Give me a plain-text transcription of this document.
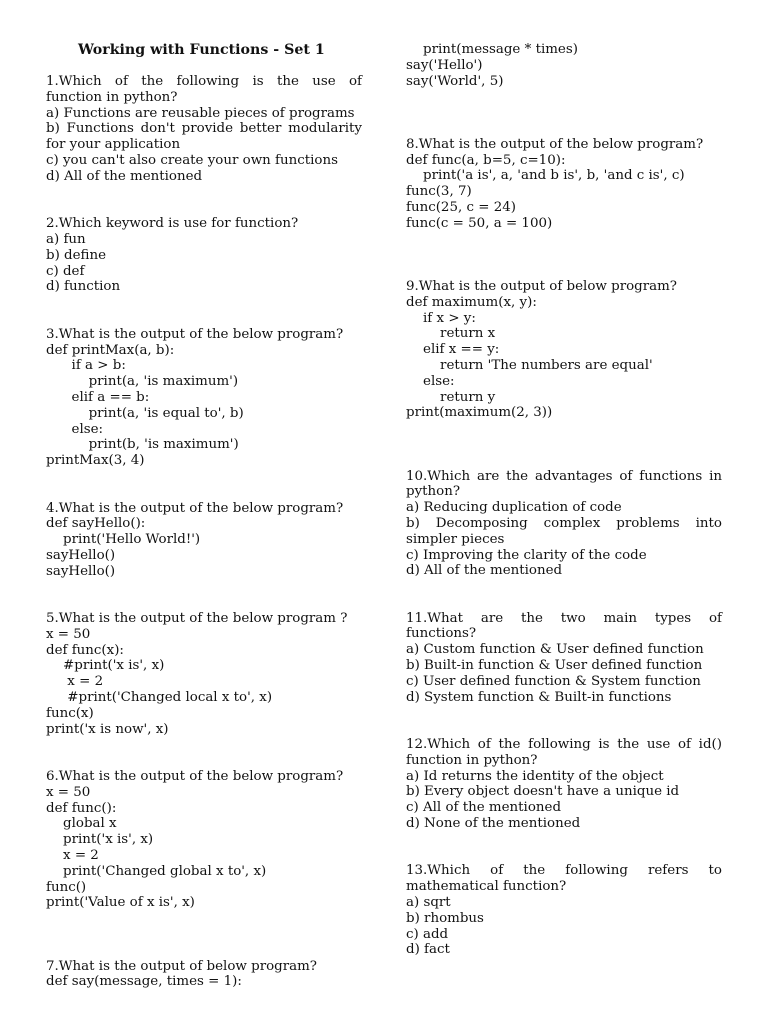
Working with Functions - Set 1
1.Which of the following is the use of
function in python?
a) Functions are reusable pieces of programs
b) Functions don't provide better modularity
for your application
c) you can't also create your own functions
d) All of the mentioned
2.Which keyword is use for function?
a) fun
b) define
c) def
d) function
3.What is the output of the below program?
def printMax(a, b):
if a > b:
print(a, 'is maximum')
elif a == b:
print(a, 'is equal to', b)
else:
print(b, 'is maximum')
printMax(3, 4)
4.What is the output of the below program?
def sayHello():
print('Hello World!')
sayHello()
sayHello()
5.What is the output of the below program ?
x = 50
def func(x):
#print('x is', x)
x = 2
#print('Changed local x to', x)
func(x)
print('x is now', x)
6.What is the output of the below program?
x = 50
def func():
global x
print('x is', x)
x = 2
print('Changed global x to', x)
func()
print('Value of x is', x)
7.What is the output of below program?
def say(message, times = 1):
print(message * times)
say('Hello')
say('World', 5)
8.What is the output of the below program?
def func(a, b=5, c=10):
print('a is', a, 'and b is', b, 'and c is', c)
func(3, 7)
func(25, c = 24)
func(c = 50, a = 100)
9.What is the output of below program?
def maximum(x, y):
if x > y:
return x
elif x == y:
return 'The numbers are equal'
else:
return y
print(maximum(2, 3))
10.Which are the advantages of functions in
python?
a) Reducing duplication of code
b) Decomposing complex problems into
simpler pieces
c) Improving the clarity of the code
d) All of the mentioned
11.What are the two main types of
functions?
a) Custom function & User defined function
b) Built-in function & User defined function
c) User defined function & System function
d) System function & Built-in functions
12.Which of the following is the use of id()
function in python?
a) Id returns the identity of the object
b) Every object doesn't have a unique id
c) All of the mentioned
d) None of the mentioned
13.Which of the following refers to
mathematical function?
a) sqrt
b) rhombus
c) add
d) fact
